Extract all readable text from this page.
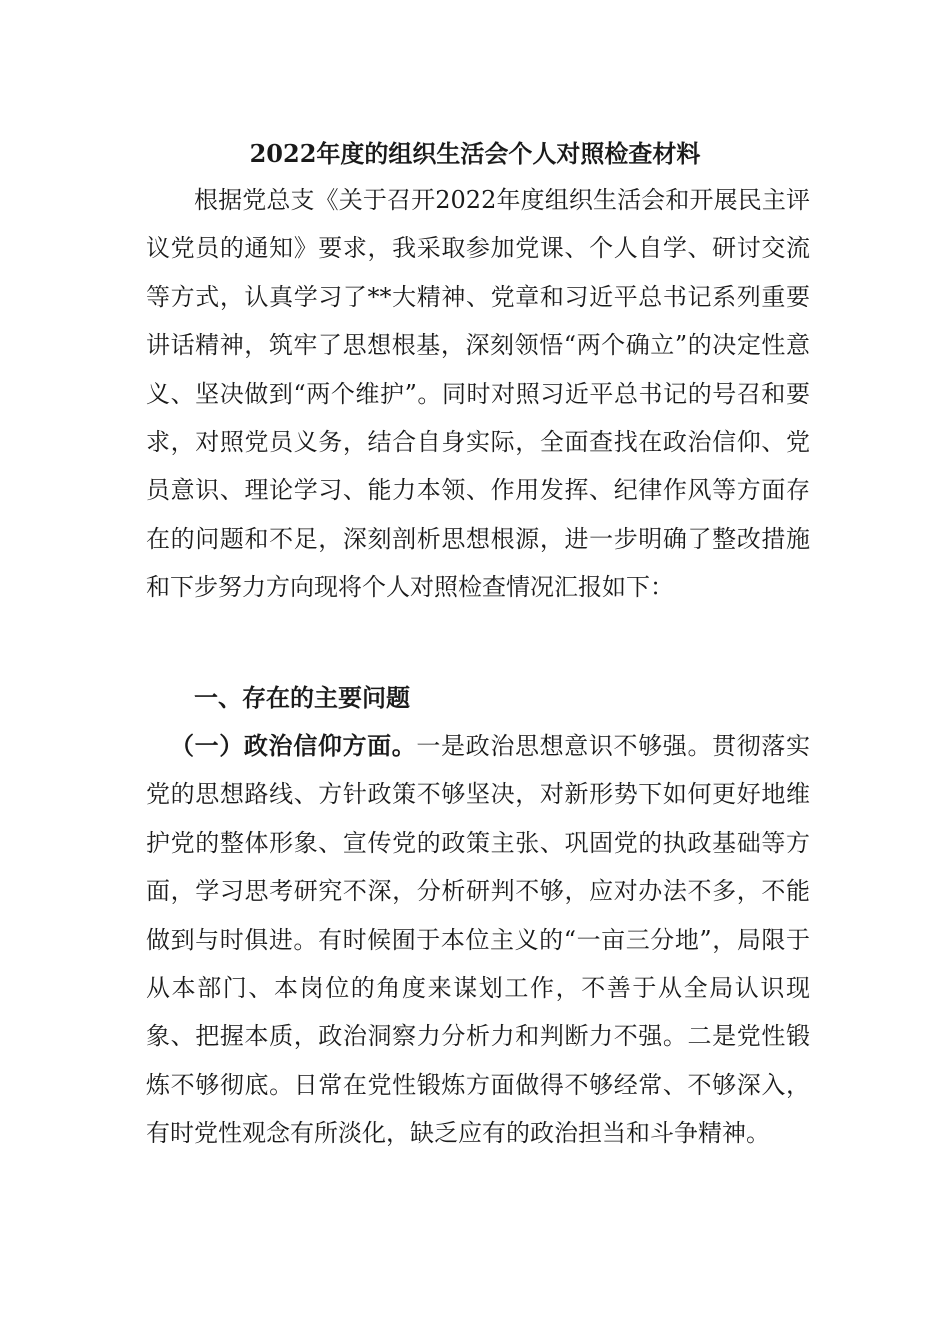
2022年度的组织生活会个人对照检查材料

根据党总支《关于召开2022年度组织生活会和开展民主评议党员的通知》要求，我采取参加党课、个人自学、研讨交流等方式，认真学习了**大精神、党章和习近平总书记系列重要讲话精神，筑牢了思想根基，深刻领悟“两个确立”的决定性意义、坚决做到“两个维护”。同时对照习近平总书记的号召和要求，对照党员义务，结合自身实际，全面查找在政治信仰、党员意识、理论学习、能力本领、作用发挥、纪律作风等方面存在的问题和不足，深刻剖析思想根源，进一步明确了整改措施和下步努力方向现将个人对照检查情况汇报如下：

一、存在的主要问题

（一）政治信仰方面。一是政治思想意识不够强。贯彻落实党的思想路线、方针政策不够坚决，对新形势下如何更好地维护党的整体形象、宣传党的政策主张、巩固党的执政基础等方面，学习思考研究不深，分析研判不够，应对办法不多，不能做到与时俱进。有时候囿于本位主义的“一亩三分地”，局限于从本部门、本岗位的角度来谋划工作，不善于从全局认识现象、把握本质，政治洞察力分析力和判断力不强。二是党性锻炼不够彻底。日常在党性锻炼方面做得不够经常、不够深入，有时党性观念有所淡化，缺乏应有的政治担当和斗争精神。
